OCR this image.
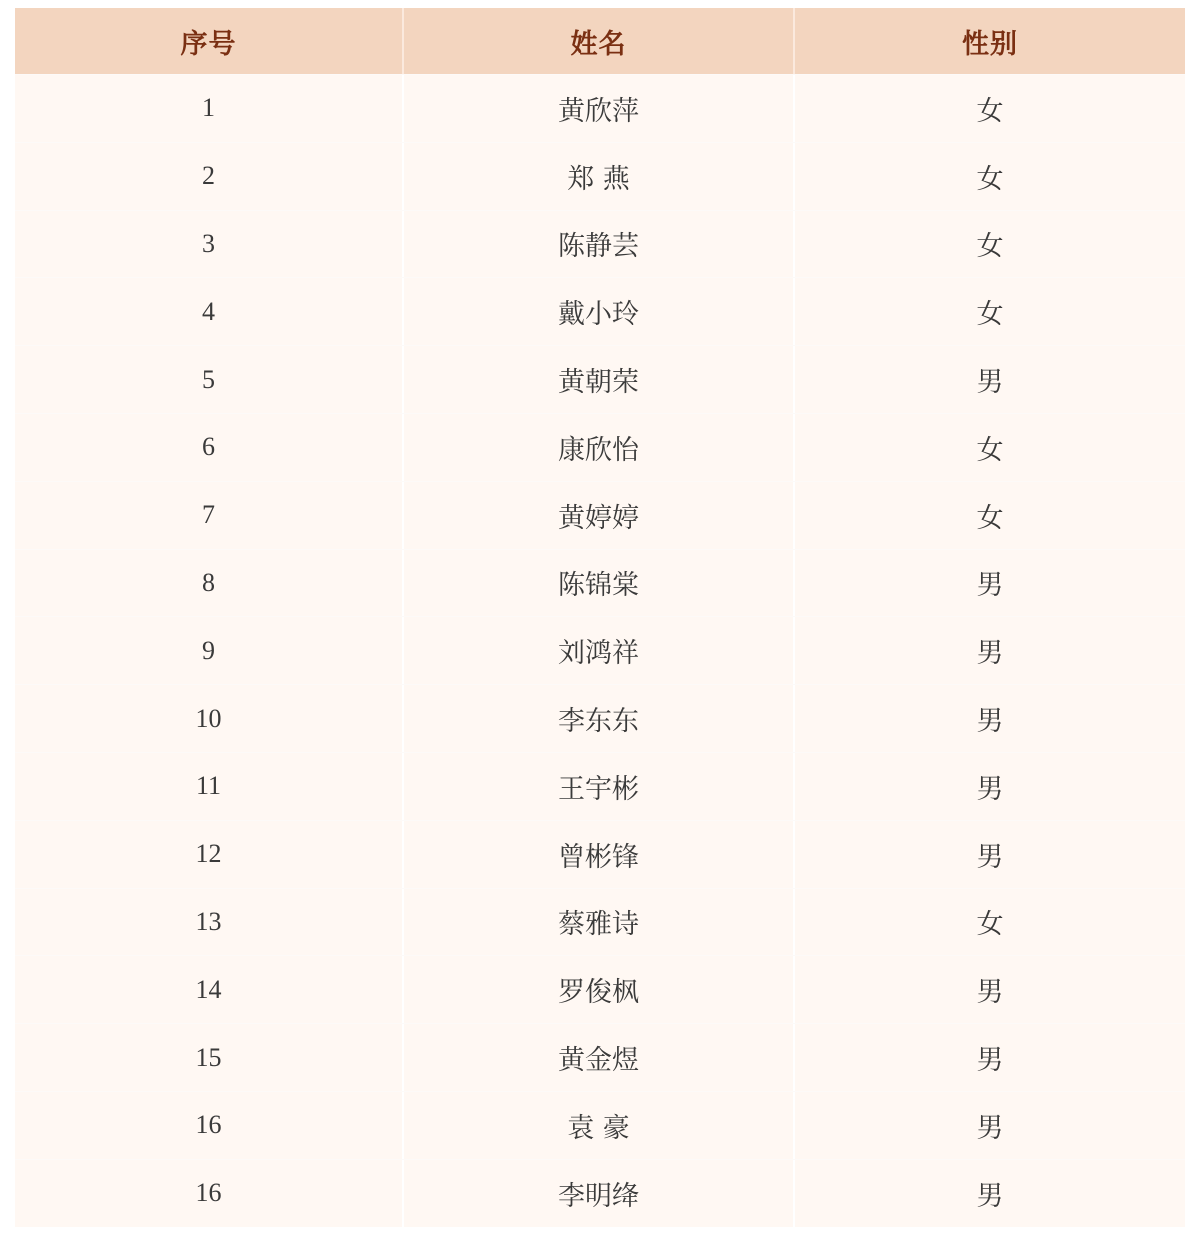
序号	姓名	性别
1	黄欣萍	女
2	郑 燕	女
3	陈静芸	女
4	戴小玲	女
5	黄朝荣	男
6	康欣怡	女
7	黄婷婷	女
8	陈锦棠	男
9	刘鸿祥	男
10	李东东	男
11	王宇彬	男
12	曾彬锋	男
13	蔡雅诗	女
14	罗俊枫	男
15	黄金煜	男
16	袁 豪	男
16	李明绛	男
